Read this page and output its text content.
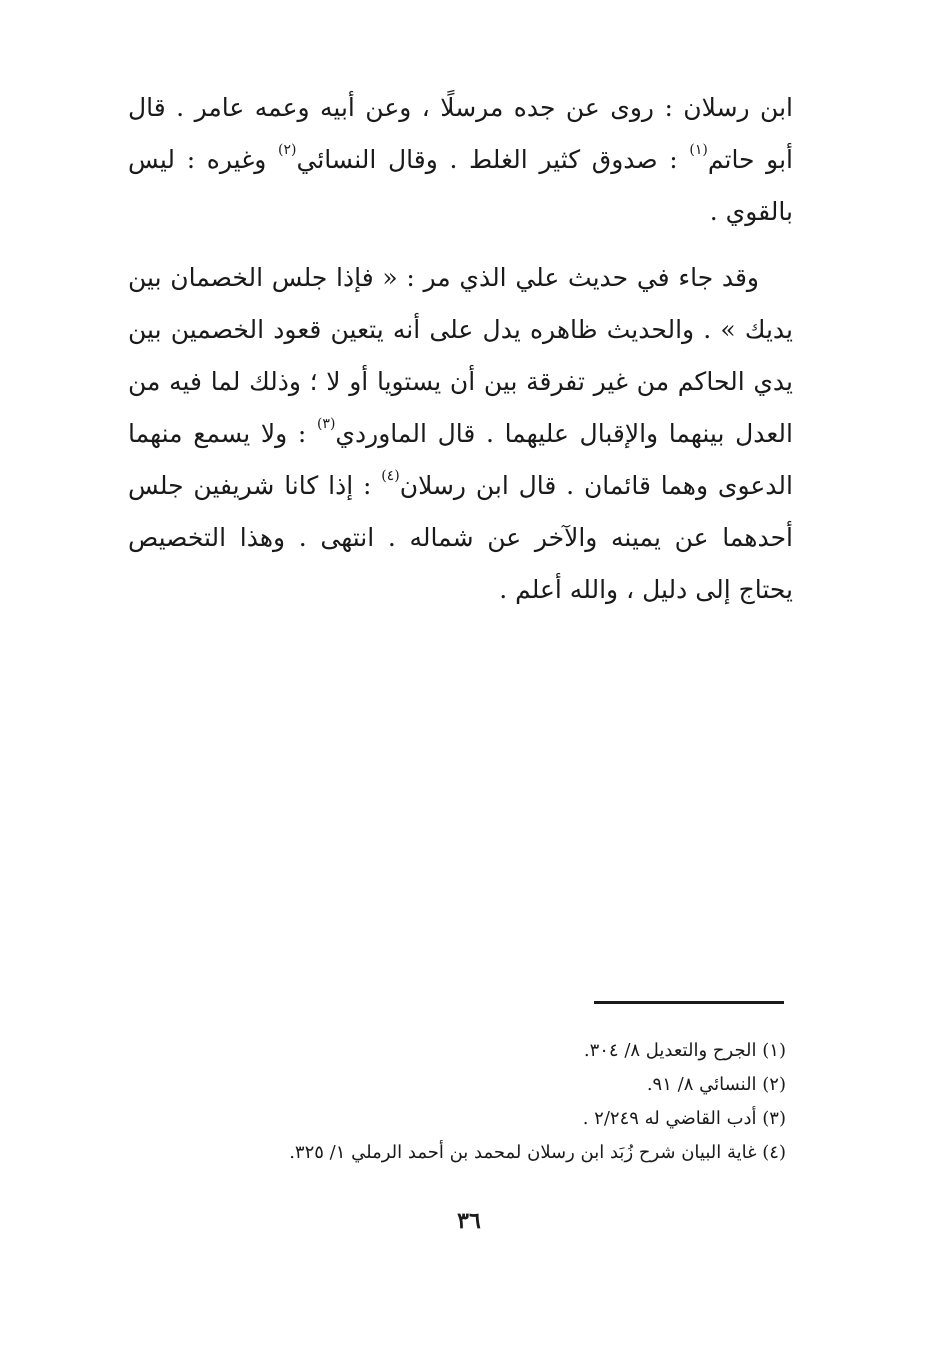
ابن رسلان : روى عن جده مرسلًا ، وعن أبيه وعمه عامر . قال أبو حاتم$^{(١)}$ : صدوق كثير الغلط . وقال النسائي$^{(٢)}$ وغيره : ليس بالقوي .

وقد جاء في حديث علي الذي مر : « فإذا جلس الخصمان بين يديك » . والحديث ظاهره يدل على أنه يتعين قعود الخصمين بين يدي الحاكم من غير تفرقة بين أن يستويا أو لا ؛ وذلك لما فيه من العدل بينهما والإقبال عليهما . قال الماوردي$^{(٣)}$ : ولا يسمع منهما الدعوى وهما قائمان . قال ابن رسلان$^{(٤)}$ : إذا كانا شريفين جلس أحدهما عن يمينه والآخر عن شماله . انتهى . وهذا التخصيص يحتاج إلى دليل ، والله أعلم .

(١) الجرح والتعديل ٨/ ٣٠٤.

(٢) النسائي ٨/ ٩١.

(٣) أدب القاضي له ٢/٢٤٩ .

(٤) غاية البيان شرح زُبَد ابن رسلان لمحمد بن أحمد الرملي ١/ ٣٢٥.

٣٦
